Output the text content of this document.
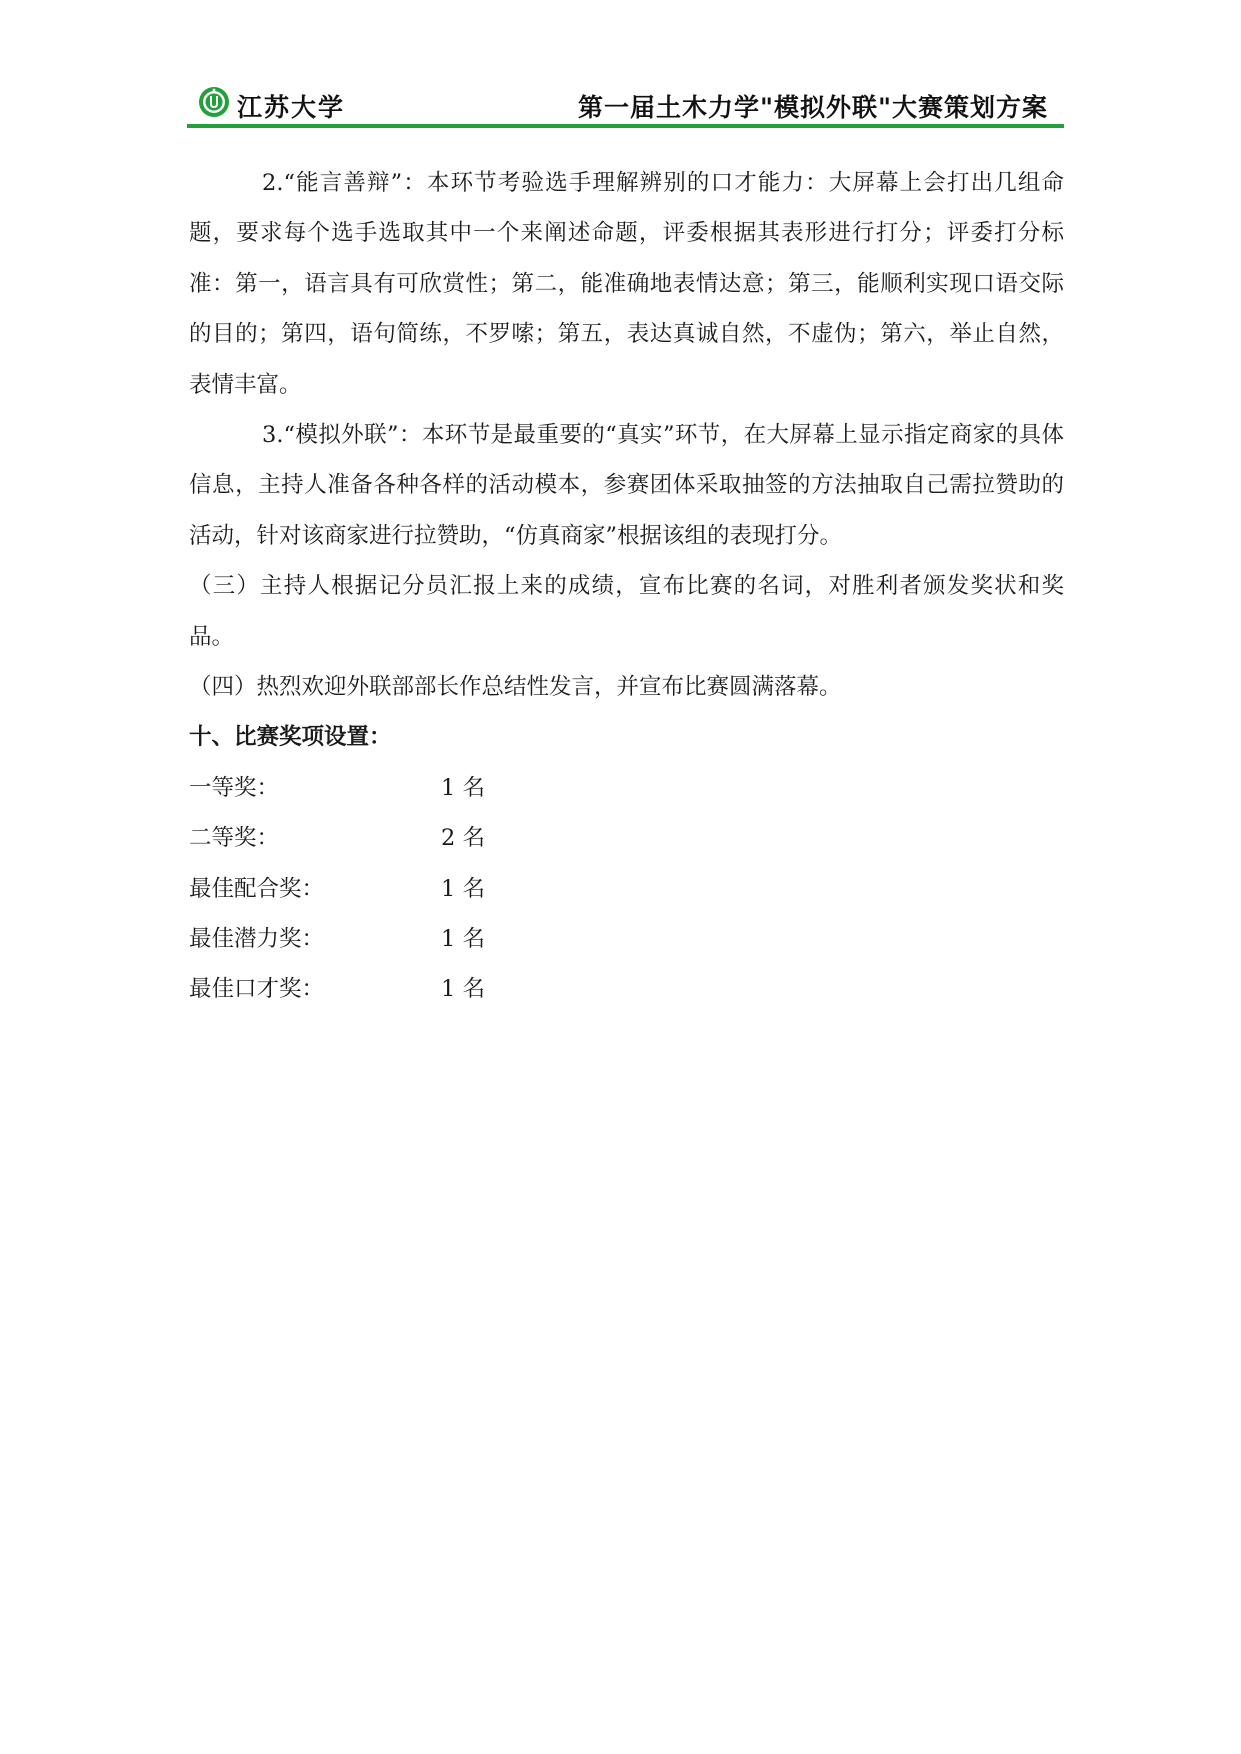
江苏大学	第一届土木力学"模拟外联"大赛策划方案

2.“能言善辩”：本环节考验选手理解辨别的口才能力：大屏幕上会打出几组命题，要求每个选手选取其中一个来阐述命题，评委根据其表形进行打分；评委打分标准：第一，语言具有可欣赏性；第二，能准确地表情达意；第三，能顺利实现口语交际的目的；第四，语句简练，不罗嗦；第五，表达真诚自然，不虚伪；第六，举止自然，表情丰富。

3.“模拟外联”：本环节是最重要的“真实”环节，在大屏幕上显示指定商家的具体信息，主持人准备各种各样的活动模本，参赛团体采取抽签的方法抽取自己需拉赞助的活动，针对该商家进行拉赞助，“仿真商家”根据该组的表现打分。

（三）主持人根据记分员汇报上来的成绩，宣布比赛的名词，对胜利者颁发奖状和奖品。

（四）热烈欢迎外联部部长作总结性发言，并宣布比赛圆满落幕。

十、比赛奖项设置：

一等奖：	1 名
二等奖：	2 名
最佳配合奖：	1 名
最佳潜力奖：	1 名
最佳口才奖：	1 名
